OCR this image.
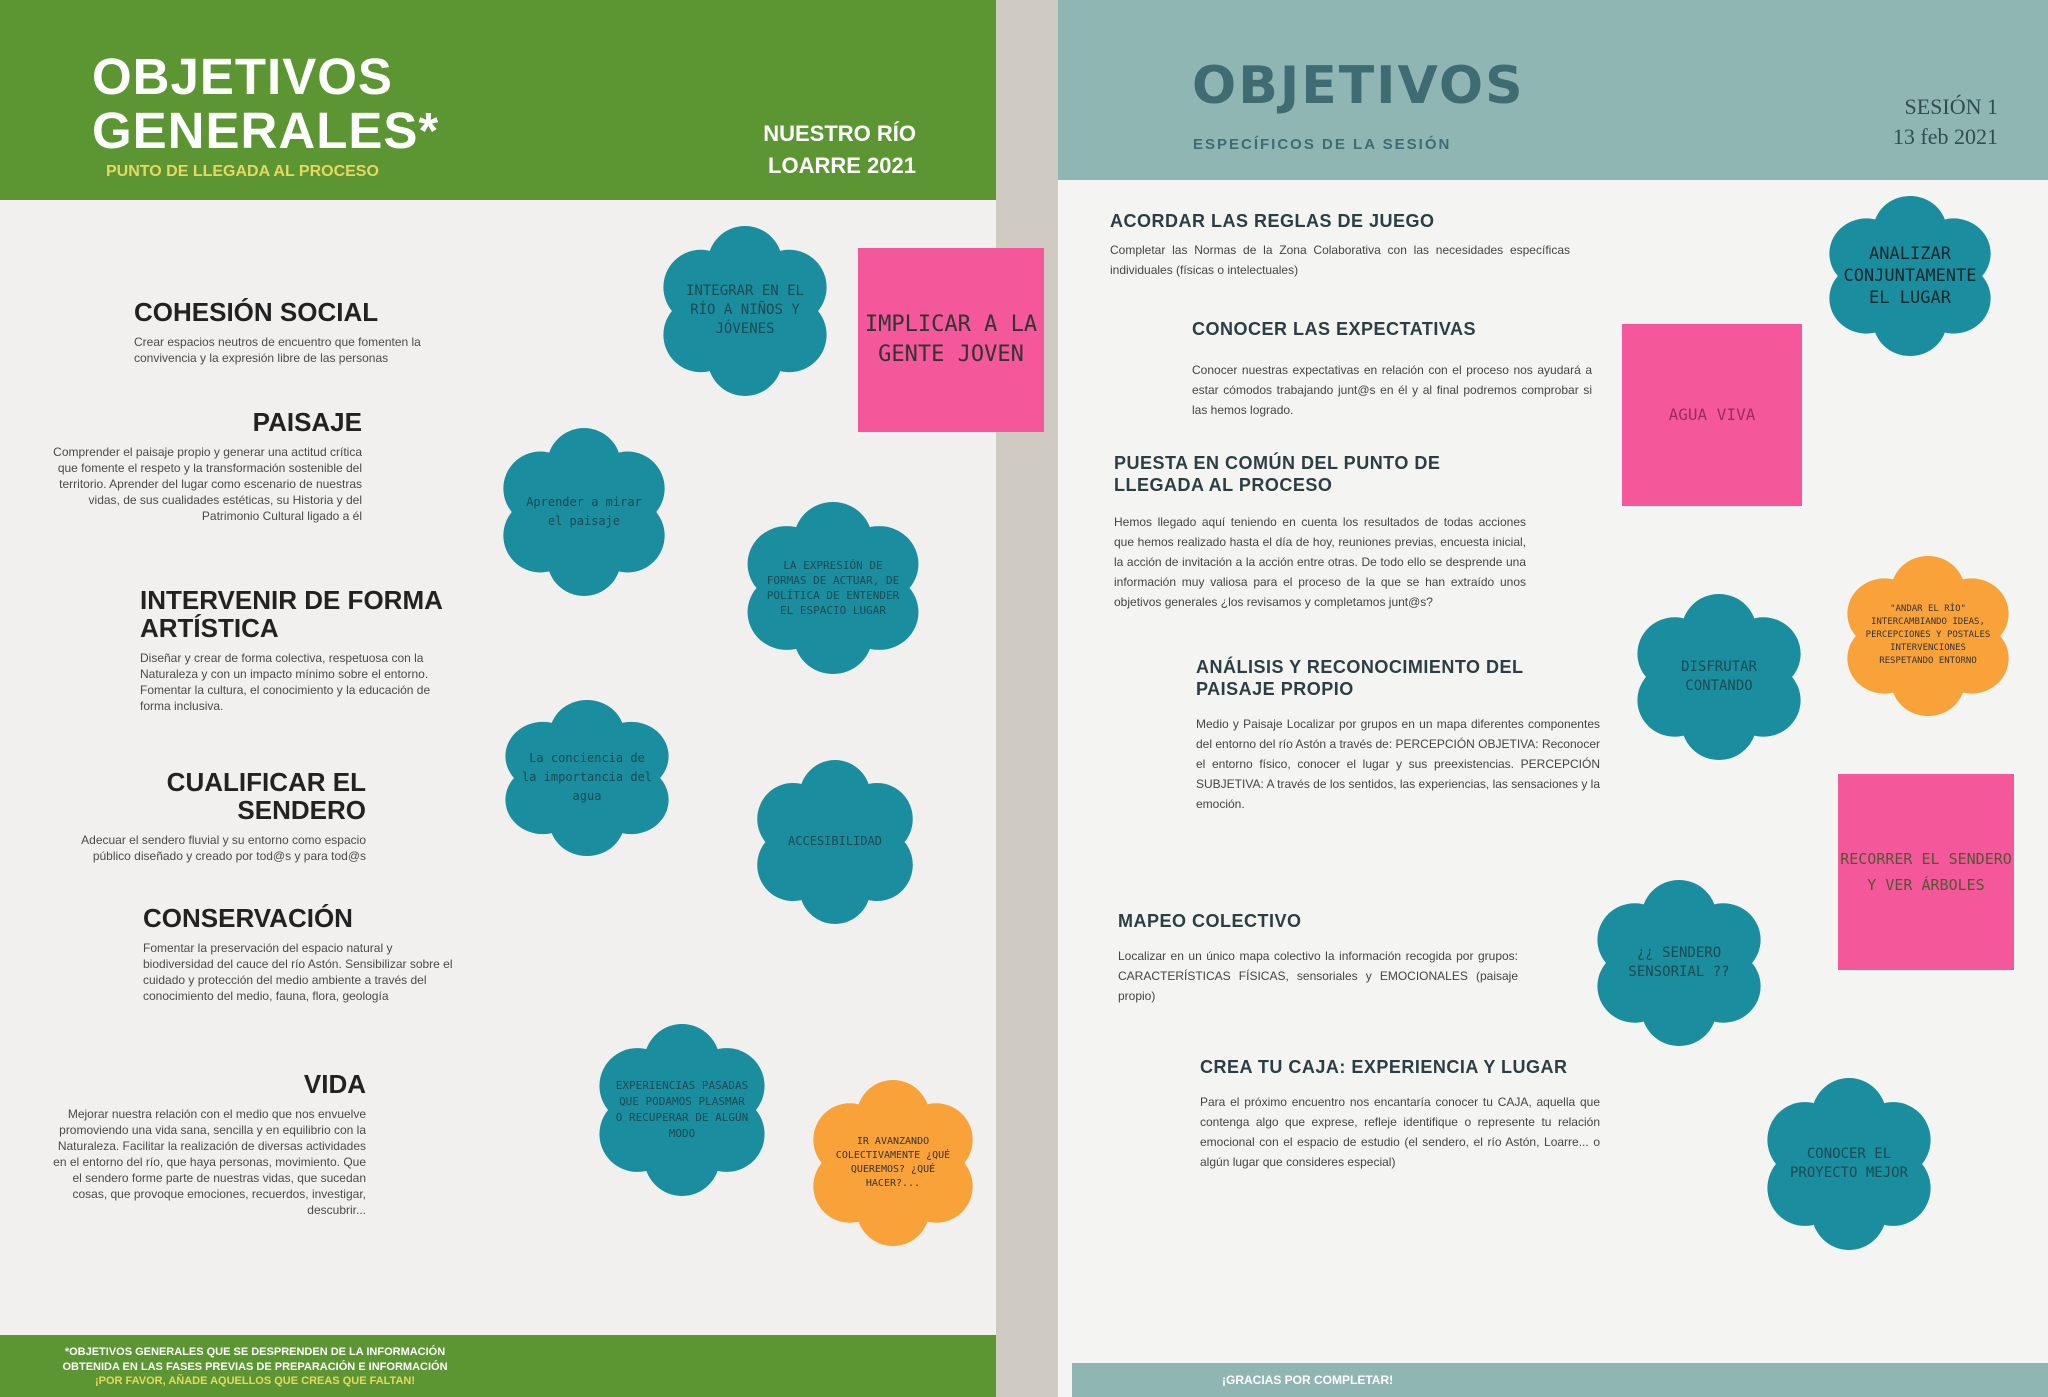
OBJETIVOS GENERALES*
PUNTO DE LLEGADA AL PROCESO
NUESTRO RÍO
LOARRE 2021
COHESIÓN SOCIAL

Crear espacios neutros de encuentro que fomenten la convivencia y la expresión libre de las personas

PAISAJE

Comprender el paisaje propio y generar una actitud crítica que fomente el respeto y la transformación sostenible del territorio. Aprender del lugar como escenario de nuestras vidas, de sus cualidades estéticas, su Historia y del Patrimonio Cultural ligado a él

INTERVENIR DE FORMA ARTÍSTICA

Diseñar y crear de forma colectiva, respetuosa con la Naturaleza y con un impacto mínimo sobre el entorno. Fomentar la cultura, el conocimiento y la educación de forma inclusiva.

CUALIFICAR EL SENDERO

Adecuar el sendero fluvial y su entorno como espacio público diseñado y creado por tod@s y para tod@s

CONSERVACIÓN

Fomentar la preservación del espacio natural y biodiversidad del cauce del río Astón. Sensibilizar sobre el cuidado y protección del medio ambiente a través del conocimiento del medio, fauna, flora, geología

VIDA

Mejorar nuestra relación con el medio que nos envuelve promoviendo una vida sana, sencilla y en equilibrio con la Naturaleza. Facilitar la realización de diversas actividades en el entorno del río, que haya personas, movimiento. Que el sendero forme parte de nuestras vidas, que sucedan cosas, que provoque emociones, recuerdos, investigar, descubrir...

*OBJETIVOS GENERALES QUE SE DESPRENDEN DE LA INFORMACIÓN OBTENIDA EN LAS FASES PREVIAS DE PREPARACIÓN E INFORMACIÓN
¡POR FAVOR, AÑADE AQUELLOS QUE CREAS QUE FALTAN!
OBJETIVOS
ESPECÍFICOS DE LA SESIÓN
SESIÓN 1
13 feb 2021
ACORDAR LAS REGLAS DE JUEGO

Completar las Normas de la Zona Colaborativa con las necesidades específicas individuales (físicas o intelectuales)

CONOCER LAS EXPECTATIVAS

Conocer nuestras expectativas en relación con el proceso nos ayudará a estar cómodos trabajando junt@s en él y al final podremos comprobar si las hemos logrado.

PUESTA EN COMÚN DEL PUNTO DE LLEGADA AL PROCESO

Hemos llegado aquí teniendo en cuenta los resultados de todas acciones que hemos realizado hasta el día de hoy, reuniones previas, encuesta inicial, la acción de invitación a la acción entre otras. De todo ello se desprende una información muy valiosa para el proceso de la que se han extraído unos objetivos generales ¿los revisamos y completamos junt@s?

ANÁLISIS Y RECONOCIMIENTO DEL PAISAJE PROPIO

Medio y Paisaje Localizar por grupos en un mapa diferentes componentes del entorno del río Astón a través de: PERCEPCIÓN OBJETIVA: Reconocer el entorno físico, conocer el lugar y sus preexistencias. PERCEPCIÓN SUBJETIVA: A través de los sentidos, las experiencias, las sensaciones y la emoción.

MAPEO COLECTIVO

Localizar en un único mapa colectivo la información recogida por grupos: CARACTERÍSTICAS FÍSICAS, sensoriales y EMOCIONALES (paisaje propio)

CREA TU CAJA: EXPERIENCIA Y LUGAR

Para el próximo encuentro nos encantaría conocer tu CAJA, aquella que contenga algo que exprese, refleje identifique o represente tu relación emocional con el espacio de estudio (el sendero, el río Astón, Loarre... o algún lugar que consideres especial)

¡GRACIAS POR COMPLETAR!
INTEGRAR EN EL RÍO A NIÑOS Y JÓVENES	IMPLICAR A LA GENTE JOVEN
Aprender a mirar el paisaje
LA EXPRESIÓN DE FORMAS DE ACTUAR, DE POLÍTICA DE ENTENDER EL ESPACIO LUGAR
La conciencia de la importancia del agua
ACCESIBILIDAD
EXPERIENCIAS PASADAS QUE PODAMOS PLASMAR O RECUPERAR DE ALGÚN MODO
IR AVANZANDO COLECTIVAMENTE ¿QUÉ QUEREMOS? ¿QUÉ HACER?...
ANALIZAR CONJUNTAMENTE EL LUGAR
AGUA VIVA
DISFRUTAR CONTANDO
"ANDAR EL RÍO" INTERCAMBIANDO IDEAS, PERCEPCIONES Y POSTALES INTERVENCIONES RESPETANDO ENTORNO
RECORRER EL SENDERO Y VER ÁRBOLES
¿¿ SENDERO SENSORIAL ??
CONOCER EL PROYECTO MEJOR
